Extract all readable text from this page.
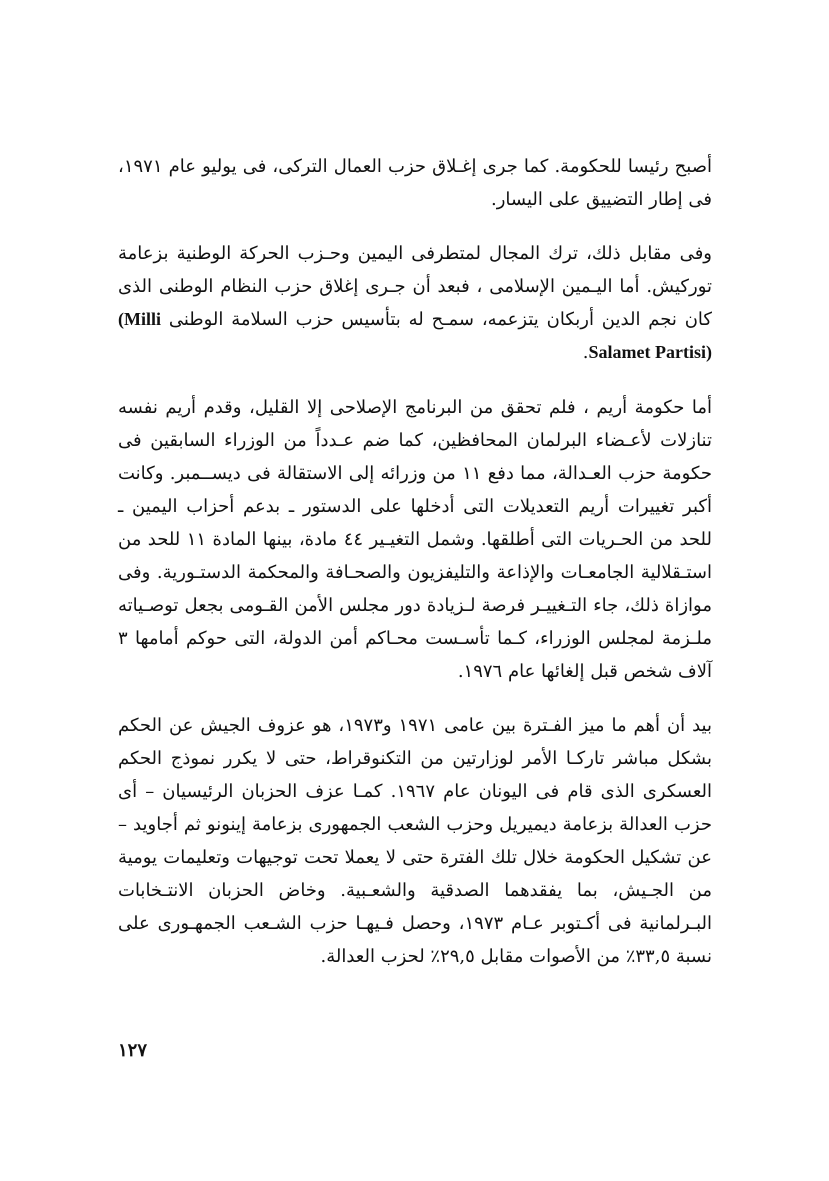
أصبح رئيسا للحكومة. كما جرى إغـلاق حزب العمال التركى، فى يوليو عام ١٩٧١، فى إطار التضييق على اليسار.

وفى مقابل ذلك، ترك المجال لمتطرفى اليمين وحـزب الحركة الوطنية بزعامة توركيش. أما اليـمين الإسلامى ، فبعد أن جـرى إغلاق حزب النظام الوطنى الذى كان نجم الدين أربكان يتزعمه، سمـح له بتأسيس حزب السلامة الوطنى (Milli Salamet Partisi).

أما حكومة أريم ، فلم تحقق من البرنامج الإصلاحى إلا القليل، وقدم أريم نفسه تنازلات لأعـضاء البرلمان المحافظين، كما ضم عـدداً من الوزراء السابقين فى حكومة حزب العـدالة، مما دفع ١١ من وزرائه إلى الاستقالة فى ديســمبر. وكانت أكبر تغييرات أريم التعديلات التى أدخلها على الدستور ـ بدعم أحزاب اليمين ـ للحد من الحـريات التى أطلقها. وشمل التغيـير ٤٤ مادة، بينها المادة ١١ للحد من استـقلالية الجامعـات والإذاعة والتليفزيون والصحـافة والمحكمة الدستـورية. وفى موازاة ذلك، جاء التـغييـر فرصة لـزيادة دور مجلس الأمن القـومى بجعل توصـياته ملـزمة لمجلس الوزراء، كـما تأسـست محـاكم أمن الدولة، التى حوكم أمامها ٣ آلاف شخص قبل إلغائها عام ١٩٧٦.

بيد أن أهم ما ميز الفـترة بين عامى ١٩٧١ و١٩٧٣، هو عزوف الجيش عن الحكم بشكل مباشر تاركـا الأمر لوزارتين من التكنوقراط، حتى لا يكرر نموذج الحكم العسكرى الذى قام فى اليونان عام ١٩٦٧. كمـا عزف الحزبان الرئيسيان – أى حزب العدالة بزعامة ديميريل وحزب الشعب الجمهورى بزعامة إينونو ثم أجاويد – عن تشكيل الحكومة خلال تلك الفترة حتى لا يعملا تحت توجيهات وتعليمات يومية من الجـيش، بما يفقدهما الصدقية والشعـبية. وخاض الحزبان الانتـخابات البـرلمانية فى أكـتوبر عـام ١٩٧٣، وحصل فـيهـا حزب الشـعب الجمهـورى على نسبة ٣٣,٥٪ من الأصوات مقابل ٢٩,٥٪ لحزب العدالة.

١٢٧
